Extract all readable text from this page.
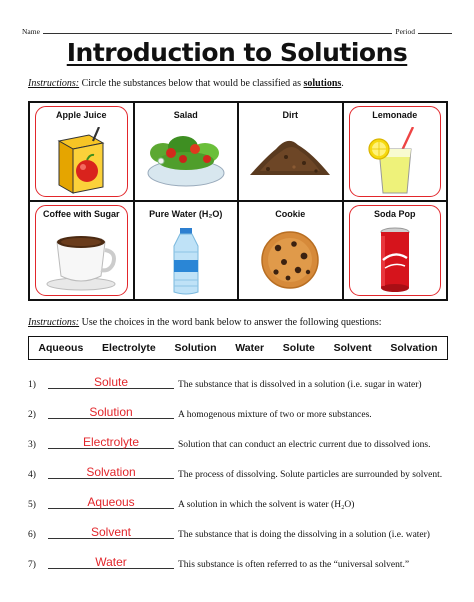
Name	Period
Introduction to Solutions
Instructions: Circle the substances below that would be classified as solutions.
Apple Juice	Salad	Dirt	Lemonade
Coffee with Sugar	Pure Water (H₂O)	Cookie	Soda Pop
Instructions: Use the choices in the word bank below to answer the following questions:
Aqueous Electrolyte Solution Water Solute Solvent Solvation
1)	Solute	The substance that is dissolved in a solution (i.e. sugar in water)
2)	Solution	A homogenous mixture of two or more substances.
3)	Electrolyte	Solution that can conduct an electric current due to dissolved ions.
4)	Solvation	The process of dissolving. Solute particles are surrounded by solvent.
5)	Aqueous	A solution in which the solvent is water (H₂O)
6)	Solvent	The substance that is doing the dissolving in a solution (i.e. water)
7)	Water	This substance is often referred to as the “universal solvent.”
